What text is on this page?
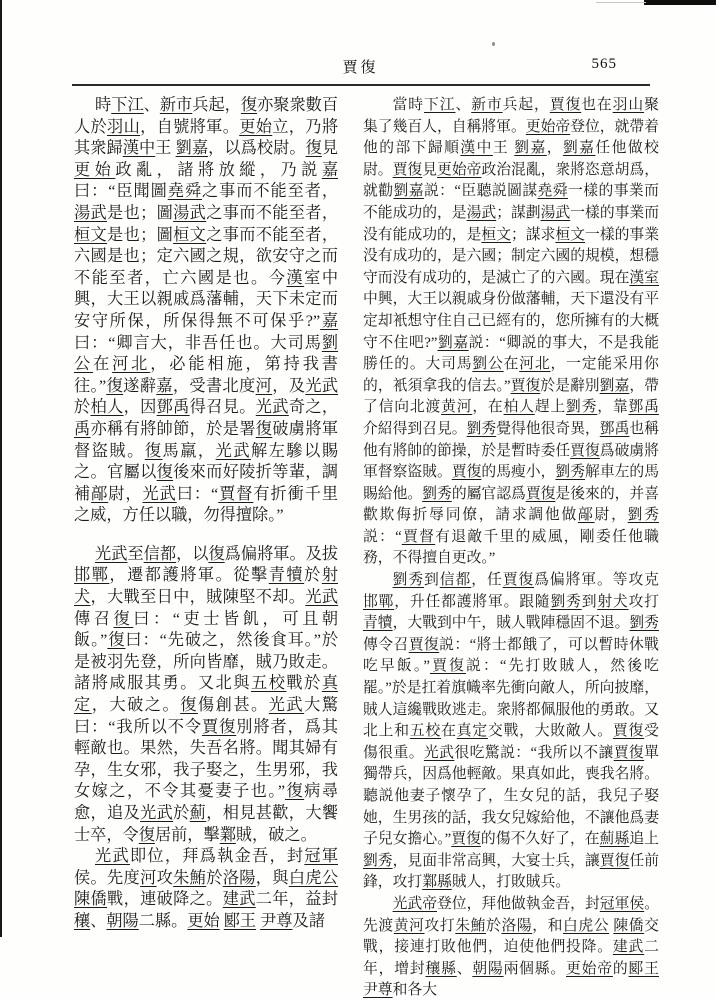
賈復	565

時下江、新市兵起，復亦聚衆數百人於羽山，自號將軍。更始立，乃將其衆歸漢中王 劉嘉，以爲校尉。復見更始政亂，諸將放縱，乃説嘉曰：“臣聞圖堯舜之事而不能至者，湯武是也；圖湯武之事而不能至者，桓文是也；圖桓文之事而不能至者，六國是也；定六國之規，欲安守之而不能至者，亡六國是也。今漢室中興，大王以親戚爲藩輔，天下未定而安守所保，所保得無不可保乎?”嘉曰：“卿言大，非吾任也。大司馬劉公在河北，必能相施，第持我書往。”復遂辭嘉，受書北度河，及光武於柏人，因鄧禹得召見。光武奇之，禹亦稱有將帥節，於是署復破虜將軍督盜賊。復馬羸，光武解左驂以賜之。官屬以復後來而好陵折等輩，調補鄗尉，光武曰：“賈督有折衝千里之威，方任以職，勿得擅除。”

光武至信都，以復爲偏將軍。及拔邯鄲，遷都護將軍。從擊青犢於射犬，大戰至日中，賊陳堅不却。光武傳召復曰：“吏士皆飢，可且朝飯。”復曰：“先破之，然後食耳。”於是被羽先登，所向皆靡，賊乃敗走。諸將咸服其勇。又北與五校戰於真定，大破之。復傷創甚。光武大驚曰：“我所以不令賈復別將者，爲其輕敵也。果然，失吾名將。聞其婦有孕，生女邪，我子娶之，生男邪，我女嫁之，不令其憂妻子也。”復病尋愈，追及光武於薊，相見甚歡，大饗士卒，令復居前，擊鄴賊，破之。

光武即位，拜爲執金吾，封冠軍侯。先度河攻朱鮪於洛陽，與白虎公 陳僑戰，連破降之。建武二年，益封穰、朝陽二縣。更始 郾王 尹尊及諸

當時下江、新市兵起，賈復也在羽山聚集了幾百人，自稱將軍。更始帝登位，就帶着他的部下歸順漢中王 劉嘉，劉嘉任他做校尉。賈復見更始帝政治混亂，衆將恣意胡爲，就勸劉嘉説：“臣聽説圖謀堯舜一樣的事業而不能成功的，是湯武；謀劃湯武一樣的事業而没有能成功的，是桓文；謀求桓文一樣的事業没有成功的，是六國；制定六國的規模，想穩守而没有成功的，是滅亡了的六國。現在漢室中興，大王以親戚身份做藩輔，天下還没有平定却衹想守住自己已經有的，您所擁有的大概守不住吧?”劉嘉説：“卿説的事大，不是我能勝任的。大司馬劉公在河北，一定能采用你的，衹須拿我的信去。”賈復於是辭別劉嘉，帶了信向北渡黄河，在柏人趕上劉秀，靠鄧禹介紹得到召見。劉秀覺得他很奇異，鄧禹也稱他有將帥的節操，於是暫時委任賈復爲破虜將軍督察盜賊。賈復的馬瘦小，劉秀解車左的馬賜給他。劉秀的屬官認爲賈復是後來的，并喜歡欺侮折辱同僚，請求調他做鄗尉，劉秀説：“賈督有退敵千里的威風，剛委任他職務，不得擅自更改。”

劉秀到信都，任賈復爲偏將軍。等攻克邯鄲，升任都護將軍。跟隨劉秀到射犬攻打青犢，大戰到中午，賊人戰陣穩固不退。劉秀傳令召賈復説：“將士都餓了，可以暫時休戰吃早飯。”賈復説：“先打敗賊人，然後吃罷。”於是扛着旗幟率先衝向敵人，所向披靡，賊人這纔戰敗逃走。衆將都佩服他的勇敢。又北上和五校在真定交戰，大敗敵人。賈復受傷很重。光武很吃驚説：“我所以不讓賈復單獨帶兵，因爲他輕敵。果真如此，喪我名將。聽説他妻子懷孕了，生女兒的話，我兒子娶她，生男孩的話，我女兒嫁給他，不讓他爲妻子兒女擔心。”賈復的傷不久好了，在薊縣追上劉秀，見面非常高興，大宴士兵，讓賈復任前鋒，攻打鄴縣賊人，打敗賊兵。

光武帝登位，拜他做執金吾，封冠軍侯。先渡黄河攻打朱鮪於洛陽，和白虎公 陳僑交戰，接連打敗他們，迫使他們投降。建武二年，增封穰縣、朝陽兩個縣。更始帝的郾王 尹尊和各大
